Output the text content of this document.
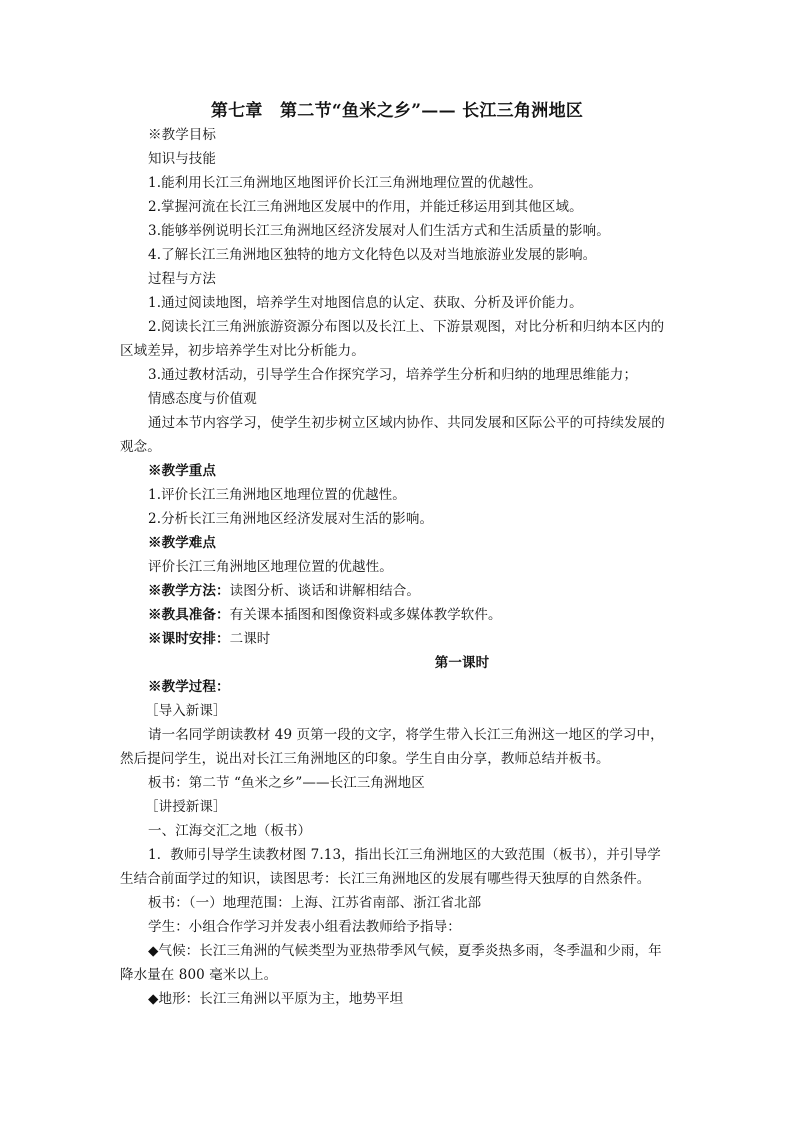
第七章　第二节“鱼米之乡”—— 长江三角洲地区
※教学目标
知识与技能
1.能利用长江三角洲地区地图评价长江三角洲地理位置的优越性。
2.掌握河流在长江三角洲地区发展中的作用，并能迁移运用到其他区域。
3.能够举例说明长江三角洲地区经济发展对人们生活方式和生活质量的影响。
4.了解长江三角洲地区独特的地方文化特色以及对当地旅游业发展的影响。
过程与方法
1.通过阅读地图，培养学生对地图信息的认定、获取、分析及评价能力。
2.阅读长江三角洲旅游资源分布图以及长江上、下游景观图，对比分析和归纳本区内的
区域差异，初步培养学生对比分析能力。
3.通过教材活动，引导学生合作探究学习，培养学生分析和归纳的地理思维能力；
情感态度与价值观
通过本节内容学习，使学生初步树立区域内协作、共同发展和区际公平的可持续发展的
观念。
※教学重点
1.评价长江三角洲地区地理位置的优越性。
2.分析长江三角洲地区经济发展对生活的影响。
※教学难点
评价长江三角洲地区地理位置的优越性。
※教学方法：读图分析、谈话和讲解相结合。
※教具准备：有关课本插图和图像资料或多媒体教学软件。
※课时安排：二课时
第一课时
※教学过程：
［导入新课］
请一名同学朗读教材 49 页第一段的文字，将学生带入长江三角洲这一地区的学习中，
然后提问学生，说出对长江三角洲地区的印象。学生自由分享，教师总结并板书。
板书：第二节 “鱼米之乡”——长江三角洲地区
［讲授新课］
一、江海交汇之地（板书）
1．教师引导学生读教材图 7.13，指出长江三角洲地区的大致范围（板书），并引导学
生结合前面学过的知识，读图思考：长江三角洲地区的发展有哪些得天独厚的自然条件。
板书：（一）地理范围：上海、江苏省南部、浙江省北部
学生：小组合作学习并发表小组看法教师给予指导：
◆气候：长江三角洲的气候类型为亚热带季风气候，夏季炎热多雨，冬季温和少雨，年
降水量在 800 毫米以上。
◆地形：长江三角洲以平原为主，地势平坦
